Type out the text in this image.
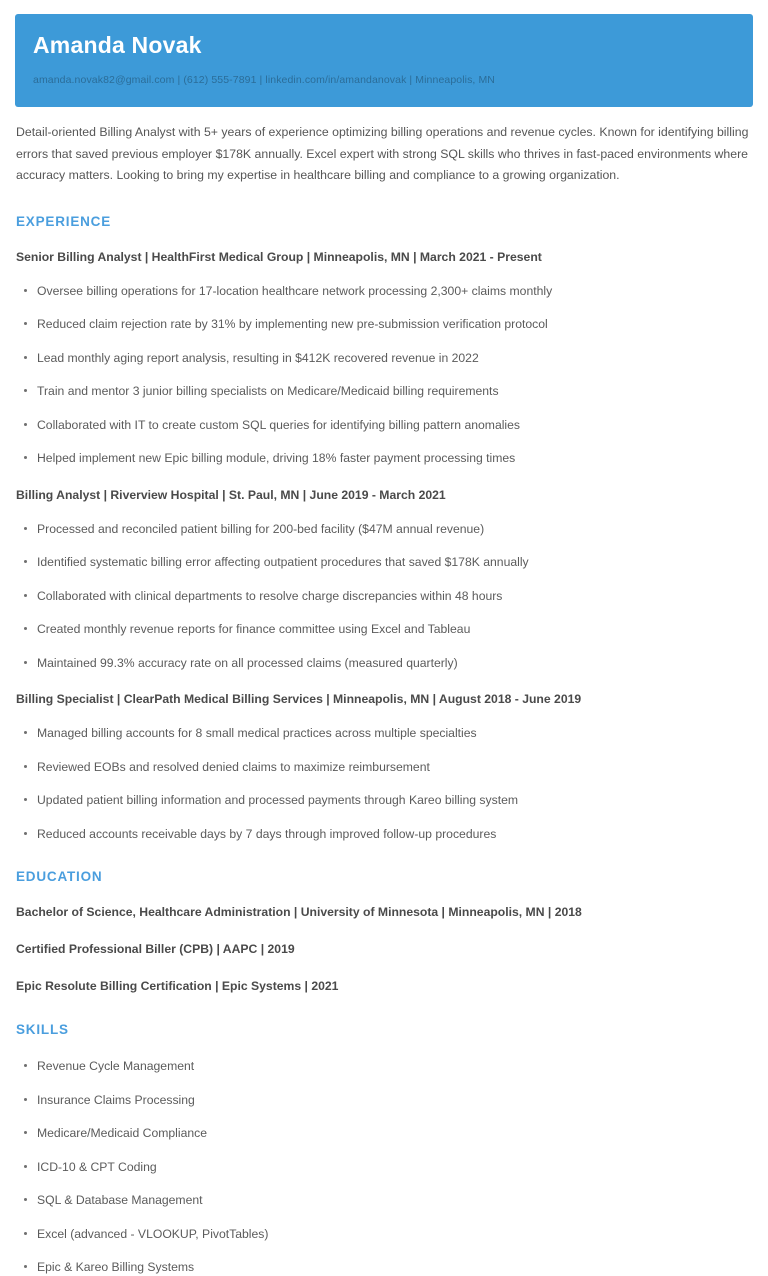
Amanda Novak
amanda.novak82@gmail.com | (612) 555-7891 | linkedin.com/in/amandanovak | Minneapolis, MN

Detail-oriented Billing Analyst with 5+ years of experience optimizing billing operations and revenue cycles. Known for identifying billing errors that saved previous employer $178K annually. Excel expert with strong SQL skills who thrives in fast-paced environments where accuracy matters. Looking to bring my expertise in healthcare billing and compliance to a growing organization.

EXPERIENCE
Senior Billing Analyst | HealthFirst Medical Group | Minneapolis, MN | March 2021 - Present
Oversee billing operations for 17-location healthcare network processing 2,300+ claims monthly
Reduced claim rejection rate by 31% by implementing new pre-submission verification protocol
Lead monthly aging report analysis, resulting in $412K recovered revenue in 2022
Train and mentor 3 junior billing specialists on Medicare/Medicaid billing requirements
Collaborated with IT to create custom SQL queries for identifying billing pattern anomalies
Helped implement new Epic billing module, driving 18% faster payment processing times
Billing Analyst | Riverview Hospital | St. Paul, MN | June 2019 - March 2021
Processed and reconciled patient billing for 200-bed facility ($47M annual revenue)
Identified systematic billing error affecting outpatient procedures that saved $178K annually
Collaborated with clinical departments to resolve charge discrepancies within 48 hours
Created monthly revenue reports for finance committee using Excel and Tableau
Maintained 99.3% accuracy rate on all processed claims (measured quarterly)
Billing Specialist | ClearPath Medical Billing Services | Minneapolis, MN | August 2018 - June 2019
Managed billing accounts for 8 small medical practices across multiple specialties
Reviewed EOBs and resolved denied claims to maximize reimbursement
Updated patient billing information and processed payments through Kareo billing system
Reduced accounts receivable days by 7 days through improved follow-up procedures
EDUCATION
Bachelor of Science, Healthcare Administration | University of Minnesota | Minneapolis, MN | 2018
Certified Professional Biller (CPB) | AAPC | 2019
Epic Resolute Billing Certification | Epic Systems | 2021
SKILLS
Revenue Cycle Management
Insurance Claims Processing
Medicare/Medicaid Compliance
ICD-10 & CPT Coding
SQL & Database Management
Excel (advanced - VLOOKUP, PivotTables)
Epic & Kareo Billing Systems
